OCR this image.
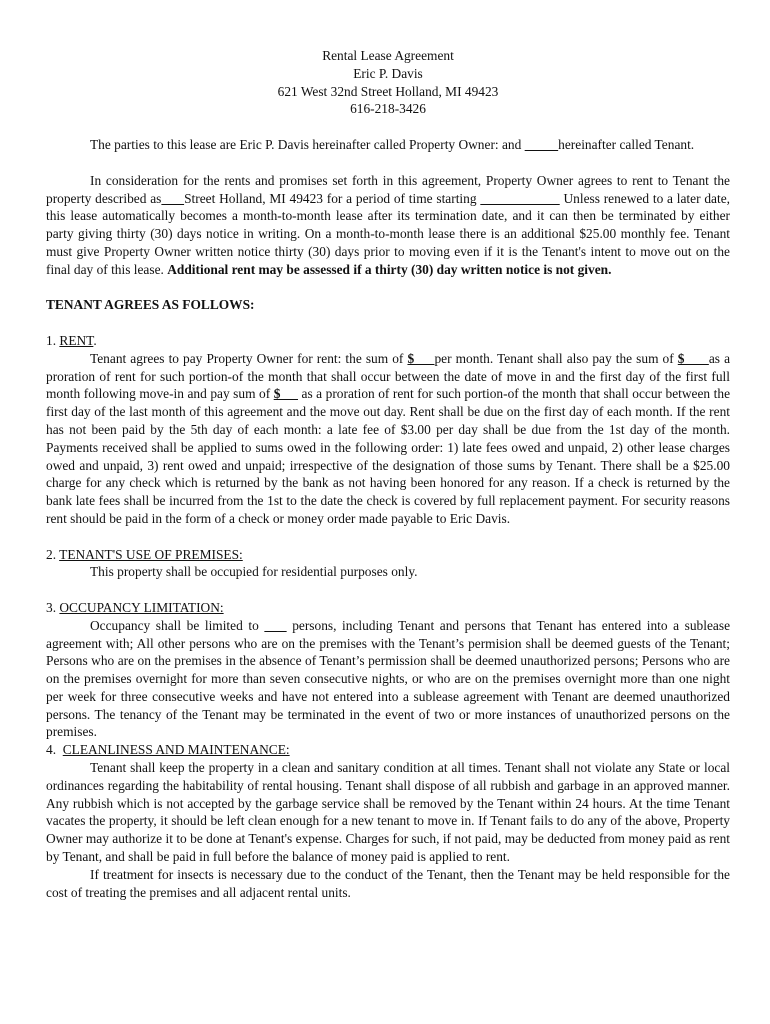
Rental Lease Agreement
Eric P. Davis
621 West 32nd Street Holland, MI 49423
616-218-3426

The parties to this lease are Eric P. Davis hereinafter called Property Owner: and           hereinafter called Tenant.

In consideration for the rents and promises set forth in this agreement, Property Owner agrees to rent to Tenant the property described as Street Holland, MI 49423 for a period of time starting	Unless renewed to a later date, this lease automatically becomes a month-to-month lease after its termination date, and it can then be terminated by either party giving thirty (30) days notice in writing. On a month-to-month lease there is an additional $25.00 monthly fee. Tenant must give Property Owner written notice thirty (30) days prior to moving even if it is the Tenant's intent to move out on the final day of this lease. Additional rent may be assessed if a thirty (30) day written notice is not given.

TENANT AGREES AS FOLLOWS:

1. RENT.

Tenant agrees to pay Property Owner for rent: the sum of $     per month. Tenant shall also pay the sum of $      as a proration of rent for such portion-of the month that shall occur between the date of move in and the first day of the first full month following move-in and pay sum of $      as a proration of rent for such portion-of the month that shall occur between the first day of the last month of this agreement and the move out day. Rent shall be due on the first day of each month. If the rent has not been paid by the 5th day of each month: a late fee of $3.00 per day shall be due from the 1st day of the month. Payments received shall be applied to sums owed in the following order: 1) late fees owed and unpaid, 2) other lease charges owed and unpaid, 3) rent owed and unpaid; irrespective of the designation of those sums by Tenant. There shall be a $25.00 charge for any check which is returned by the bank as not having been honored for any reason. If a check is returned by the bank late fees shall be incurred from the 1st to the date the check is covered by full replacement payment. For security reasons rent should be paid in the form of a check or money order made payable to Eric Davis.

2. TENANT'S USE OF PREMISES:

This property shall be occupied for residential purposes only.

3. OCCUPANCY LIMITATION:

Occupancy shall be limited to      persons, including Tenant and persons that Tenant has entered into a sublease agreement with; All other persons who are on the premises with the Tenant’s permision shall be deemed guests of the Tenant; Persons who are on the premises in the absence of Tenant’s permission shall be deemed unauthorized persons; Persons who are on the premises overnight for more than seven consecutive nights, or who are on the premises overnight more than one night per week for three consecutive weeks and have not entered into a sublease agreement with Tenant are deemed unauthorized persons. The tenancy of the Tenant may be terminated in the event of two or more instances of unauthorized persons on the premises.

4.  CLEANLINESS AND MAINTENANCE:

Tenant shall keep the property in a clean and sanitary condition at all times. Tenant shall not violate any State or local ordinances regarding the habitability of rental housing. Tenant shall dispose of all rubbish and garbage in an approved manner. Any rubbish which is not accepted by the garbage service shall be removed by the Tenant within 24 hours. At the time Tenant vacates the property, it should be left clean enough for a new tenant to move in. If Tenant fails to do any of the above, Property Owner may authorize it to be done at Tenant's expense. Charges for such, if not paid, may be deducted from money paid as rent by Tenant, and shall be paid in full before the balance of money paid is applied to rent.

If treatment for insects is necessary due to the conduct of the Tenant, then the Tenant may be held responsible for the cost of treating the premises and all adjacent rental units.
